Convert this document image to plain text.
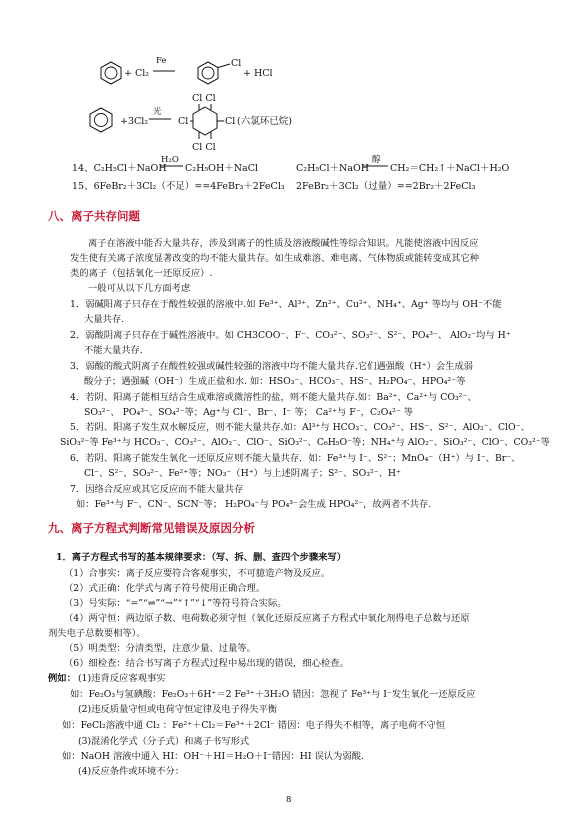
+ Cl₂
Fe	Cl
+ HCl
+3Cl₂
光
Cl
Cl Cl
Cl
Cl Cl
(六氯环已烷)
14、C₂H₅Cl＋NaOH
H₂O
C₂H₅OH＋NaCl	C₂H₅Cl＋NaOH
醇
CH₂＝CH₂↑＋NaCl＋H₂O
15、6FeBr₂＋3Cl₂（不足）==4FeBr₃＋2FeCl₃ 2FeBr₂＋3Cl₂（过量）==2Br₂＋2FeCl₃
八、离子共存问题
离子在溶液中能否大量共存，涉及到离子的性质及溶液酸碱性等综合知识。凡能使溶液中因反应
发生使有关离子浓度显著改变的均不能大量共存。如生成难溶、难电离、气体物质或能转变成其它种
类的离子（包括氧化一还原反应）.
一般可从以下几方面考虑
1．弱碱阳离子只存在于酸性较强的溶液中.如 Fe³⁺、Al³⁺、Zn²⁺、Cu²⁺、NH₄⁺、Ag⁺ 等均与 OH⁻不能
大量共存.
2．弱酸阴离子只存在于碱性溶液中。如 CH3COO⁻、F⁻、CO₃²⁻、SO₃²⁻、S²⁻、PO₄³⁻、 AlO₂⁻均与 H⁺
不能大量共存.
3．弱酸的酸式阴离子在酸性较强或碱性较强的溶液中均不能大量共存.它们遇强酸（H⁺）会生成弱
酸分子；遇强碱（OH⁻）生成正盐和水. 如：HSO₃⁻、HCO₃⁻、HS⁻、H₂PO₄⁻、HPO₄²⁻等
4．若阴、阳离子能相互结合生成难溶或微溶性的盐，则不能大量共存.如：Ba²⁺、Ca²⁺与 CO₃²⁻、
SO₃²⁻、 PO₄³⁻、SO₄²⁻等；Ag⁺与 Cl⁻、Br⁻、I⁻ 等； Ca²⁺与 F⁻，C₂O₄²⁻ 等
5．若阴、阳离子发生双水解反应，则不能大量共存.如：Al³⁺与 HCO₃⁻、CO₃²⁻、HS⁻、S²⁻、AlO₂⁻、ClO⁻、
SiO₃²⁻等 Fe³⁺与 HCO₃⁻、CO₃²⁻、AlO₂⁻、ClO⁻、SiO₃²⁻、C₆H₅O⁻等；NH₄⁺与 AlO₂⁻、SiO₃²⁻、ClO⁻、CO₃²⁻等
6．若阴、阳离子能发生氧化一还原反应则不能大量共存．如：Fe³⁺与 I⁻、S²⁻；MnO₄⁻（H⁺）与 I⁻、Br⁻、
Cl⁻、S²⁻、SO₃²⁻、Fe²⁺等；NO₃⁻（H⁺）与上述阴离子；S²⁻、SO₃²⁻、H⁺
7．因络合反应或其它反应而不能大量共存
如：Fe³⁺与 F⁻、CN⁻、SCN⁻等； H₂PO₄⁻与 PO₄³⁻会生成 HPO₄²⁻，故两者不共存.
九、离子方程式判断常见错误及原因分析
1．离子方程式书写的基本规律要求：（写、拆、删、查四个步骤来写）
（1）合事实：离子反应要符合客观事实，不可臆造产物及反应。
（2）式正确：化学式与离子符号使用正确合理。
（3）号实际：“=”“⇌”“→”“↑”“↓”等符号符合实际。
（4）两守恒：两边原子数、电荷数必须守恒（氧化还原反应离子方程式中氧化剂得电子总数与还原
剂失电子总数要相等）。
（5）明类型：分清类型，注意少量、过量等。
（6）细检查：结合书写离子方程式过程中易出现的错误，细心检查。
例如： (1)违背反应客观事实
如：Fe₂O₃与氢碘酸：Fe₂O₃＋6H⁺＝2 Fe³⁺＋3H₂O 错因：忽视了 Fe³⁺与 I⁻发生氧化一还原反应
(2)违反质量守恒或电荷守恒定律及电子得失平衡
如：FeCl₂溶液中通 Cl₂ ：Fe²⁺＋Cl₂＝Fe³⁺＋2Cl⁻ 错因：电子得失不相等，离子电荷不守恒
(3)混淆化学式（分子式）和离子书写形式
如：NaOH 溶液中通入 HI：OH⁻＋HI＝H₂O＋I⁻错因：HI 误认为弱酸.
(4)反应条件或环境不分：
8
